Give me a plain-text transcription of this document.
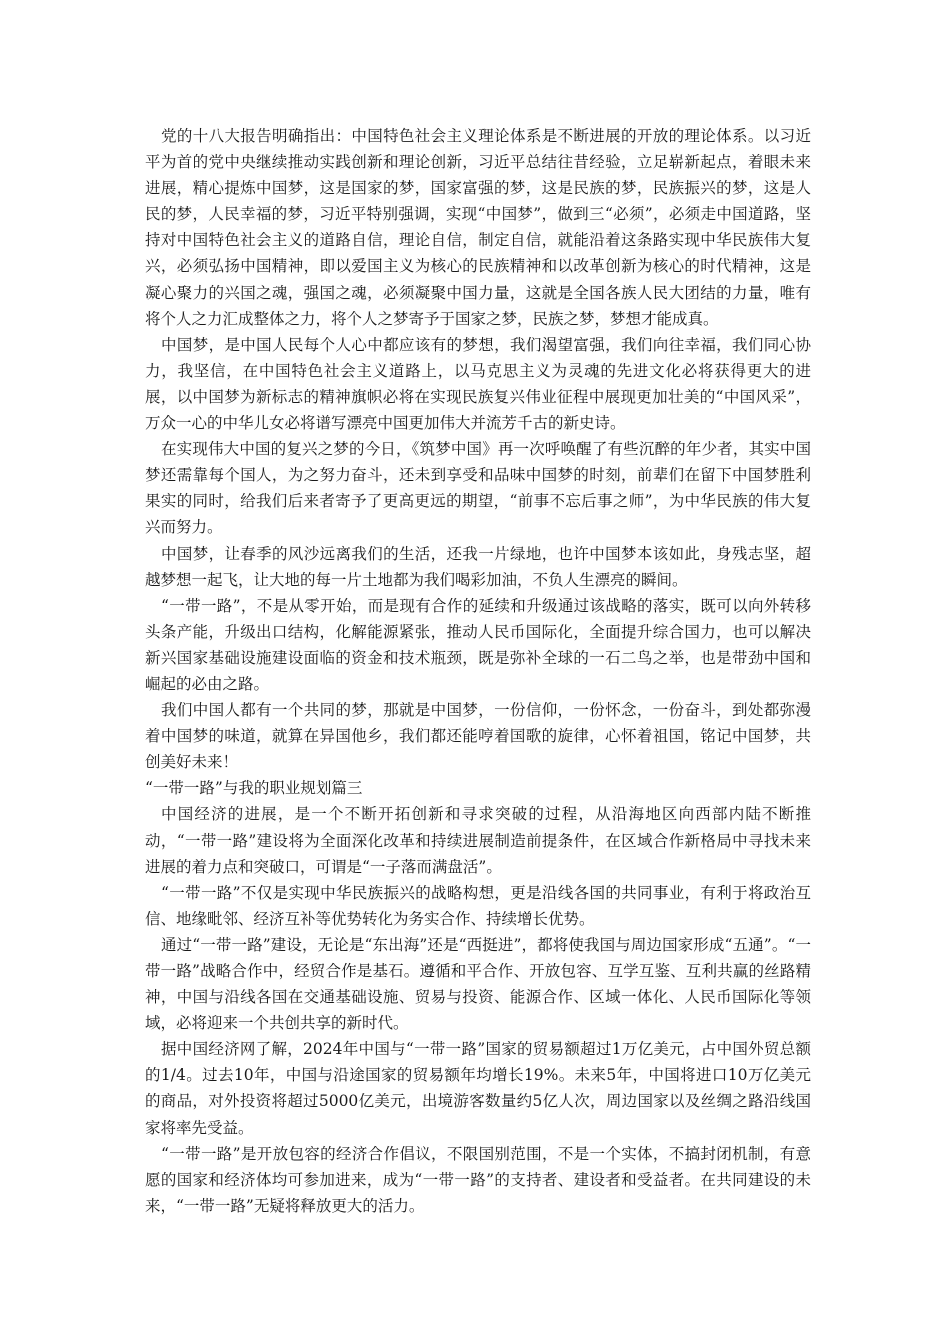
党的十八大报告明确指出：中国特色社会主义理论体系是不断进展的开放的理论体系。以习近平为首的党中央继续推动实践创新和理论创新，习近平总结往昔经验，立足崭新起点，着眼未来进展，精心提炼中国梦，这是国家的梦，国家富强的梦，这是民族的梦，民族振兴的梦，这是人民的梦，人民幸福的梦，习近平特别强调，实现“中国梦”，做到三“必须”，必须走中国道路，坚持对中国特色社会主义的道路自信，理论自信，制定自信，就能沿着这条路实现中华民族伟大复兴，必须弘扬中国精神，即以爱国主义为核心的民族精神和以改革创新为核心的时代精神，这是凝心聚力的兴国之魂，强国之魂，必须凝聚中国力量，这就是全国各族人民大团结的力量，唯有将个人之力汇成整体之力，将个人之梦寄予于国家之梦，民族之梦，梦想才能成真。

中国梦，是中国人民每个人心中都应该有的梦想，我们渴望富强，我们向往幸福，我们同心协力，我坚信，在中国特色社会主义道路上，以马克思主义为灵魂的先进文化必将获得更大的进展，以中国梦为新标志的精神旗帜必将在实现民族复兴伟业征程中展现更加壮美的“中国风采”，万众一心的中华儿女必将谱写漂亮中国更加伟大并流芳千古的新史诗。

在实现伟大中国的复兴之梦的今日，《筑梦中国》再一次呼唤醒了有些沉醉的年少者，其实中国梦还需靠每个国人，为之努力奋斗，还未到享受和品味中国梦的时刻，前辈们在留下中国梦胜利果实的同时，给我们后来者寄予了更高更远的期望，“前事不忘后事之师”，为中华民族的伟大复兴而努力。

中国梦，让春季的风沙远离我们的生活，还我一片绿地，也许中国梦本该如此，身残志坚，超越梦想一起飞，让大地的每一片土地都为我们喝彩加油，不负人生漂亮的瞬间。

“一带一路”，不是从零开始，而是现有合作的延续和升级通过该战略的落实，既可以向外转移头条产能，升级出口结构，化解能源紧张，推动人民币国际化，全面提升综合国力，也可以解决新兴国家基础设施建设面临的资金和技术瓶颈，既是弥补全球的一石二鸟之举，也是带劲中国和崛起的必由之路。

我们中国人都有一个共同的梦，那就是中国梦，一份信仰，一份怀念，一份奋斗，到处都弥漫着中国梦的味道，就算在异国他乡，我们都还能哼着国歌的旋律，心怀着祖国，铭记中国梦，共创美好未来！

“一带一路”与我的职业规划篇三

中国经济的进展，是一个不断开拓创新和寻求突破的过程，从沿海地区向西部内陆不断推动，“一带一路”建设将为全面深化改革和持续进展制造前提条件，在区域合作新格局中寻找未来进展的着力点和突破口，可谓是“一子落而满盘活”。

“一带一路”不仅是实现中华民族振兴的战略构想，更是沿线各国的共同事业，有利于将政治互信、地缘毗邻、经济互补等优势转化为务实合作、持续增长优势。

通过“一带一路”建设，无论是“东出海”还是“西挺进”，都将使我国与周边国家形成“五通”。“一带一路”战略合作中，经贸合作是基石。遵循和平合作、开放包容、互学互鉴、互利共赢的丝路精神，中国与沿线各国在交通基础设施、贸易与投资、能源合作、区域一体化、人民币国际化等领域，必将迎来一个共创共享的新时代。

据中国经济网了解，2024年中国与“一带一路”国家的贸易额超过1万亿美元，占中国外贸总额的1/4。过去10年，中国与沿途国家的贸易额年均增长19%。未来5年，中国将进口10万亿美元的商品，对外投资将超过5000亿美元，出境游客数量约5亿人次，周边国家以及丝绸之路沿线国家将率先受益。

“一带一路”是开放包容的经济合作倡议，不限国别范围，不是一个实体，不搞封闭机制，有意愿的国家和经济体均可参加进来，成为“一带一路”的支持者、建设者和受益者。在共同建设的未来，“一带一路”无疑将释放更大的活力。
